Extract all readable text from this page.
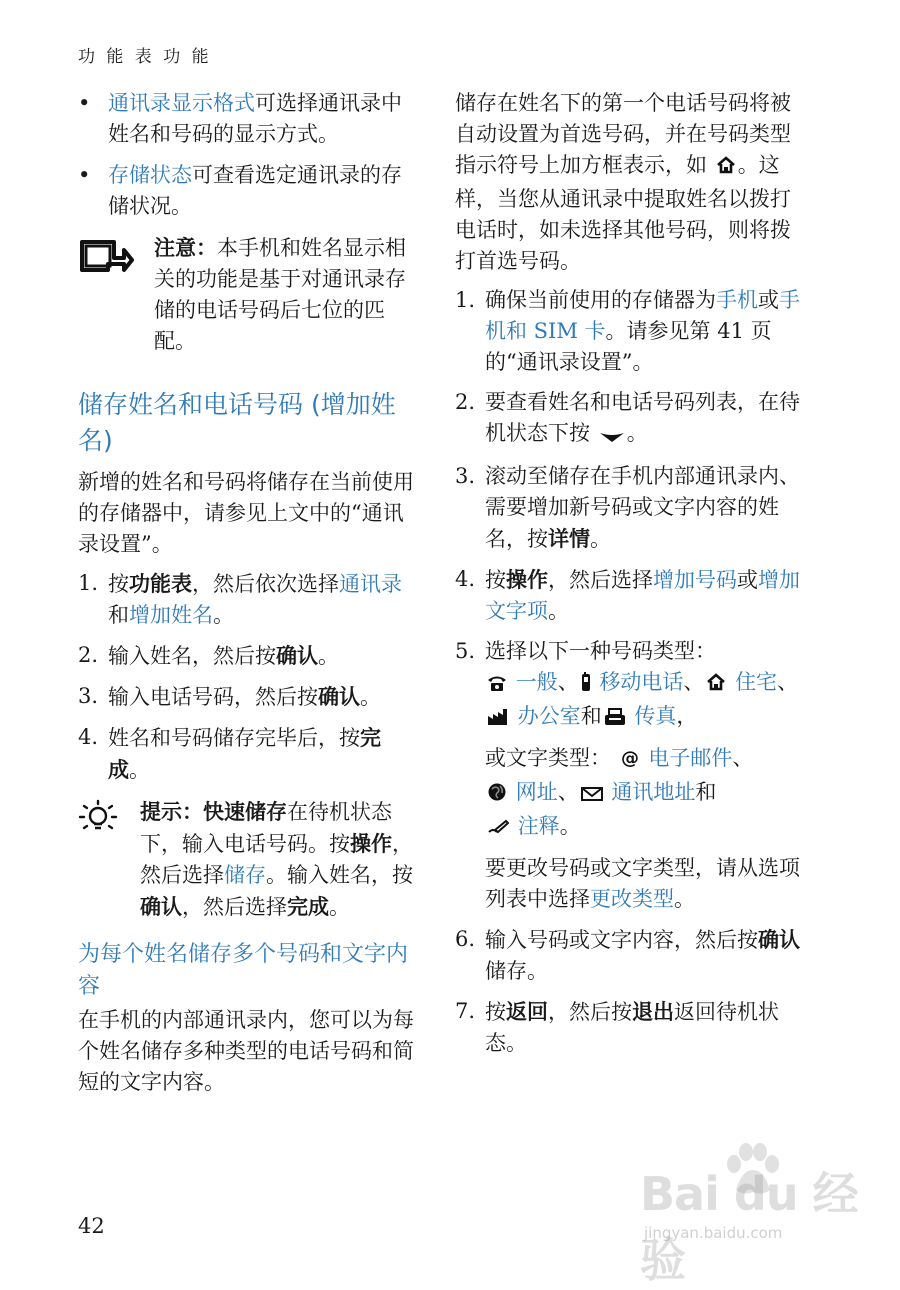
功 能 表 功 能
• 通讯录显示格式可选择通讯录中姓名和号码的显示方式。
• 存储状态可查看选定通讯录的存储状况。
注意：本手机和姓名显示相关的功能是基于对通讯录存储的电话号码后七位的匹配。
储存姓名和电话号码 (增加姓名)
新增的姓名和号码将储存在当前使用的存储器中，请参见上文中的“通讯录设置”。
1. 按功能表，然后依次选择通讯录和增加姓名。
2. 输入姓名，然后按确认。
3. 输入电话号码，然后按确认。
4. 姓名和号码储存完毕后，按完成。
提示：快速储存在待机状态下，输入电话号码。按操作，然后选择储存。输入姓名，按确认，然后选择完成。
为每个姓名储存多个号码和文字内容
在手机的内部通讯录内，您可以为每个姓名储存多种类型的电话号码和简短的文字内容。
储存在姓名下的第一个电话号码将被自动设置为首选号码，并在号码类型指示符号上加方框表示，如 。这样，当您从通讯录中提取姓名以拨打电话时，如未选择其他号码，则将拨打首选号码。
1. 确保当前使用的存储器为手机或手机和 SIM 卡。请参见第 41 页的“通讯录设置”。
2. 要查看姓名和电话号码列表，在待机状态下按 。
3. 滚动至储存在手机内部通讯录内、需要增加新号码或文字内容的姓名，按详情。
4. 按操作，然后选择增加号码或增加文字项。
5. 选择以下一种号码类型：
一般、 移动电话、 住宅、 办公室和 传真，
或文字类型： @ 电子邮件、
网址、 通讯地址和
注释。
要更改号码或文字类型，请从选项列表中选择更改类型。
6. 输入号码或文字内容，然后按确认储存。
7. 按返回，然后按退出返回待机状态。
42
Bai du 经验
jingyan.baidu.com
